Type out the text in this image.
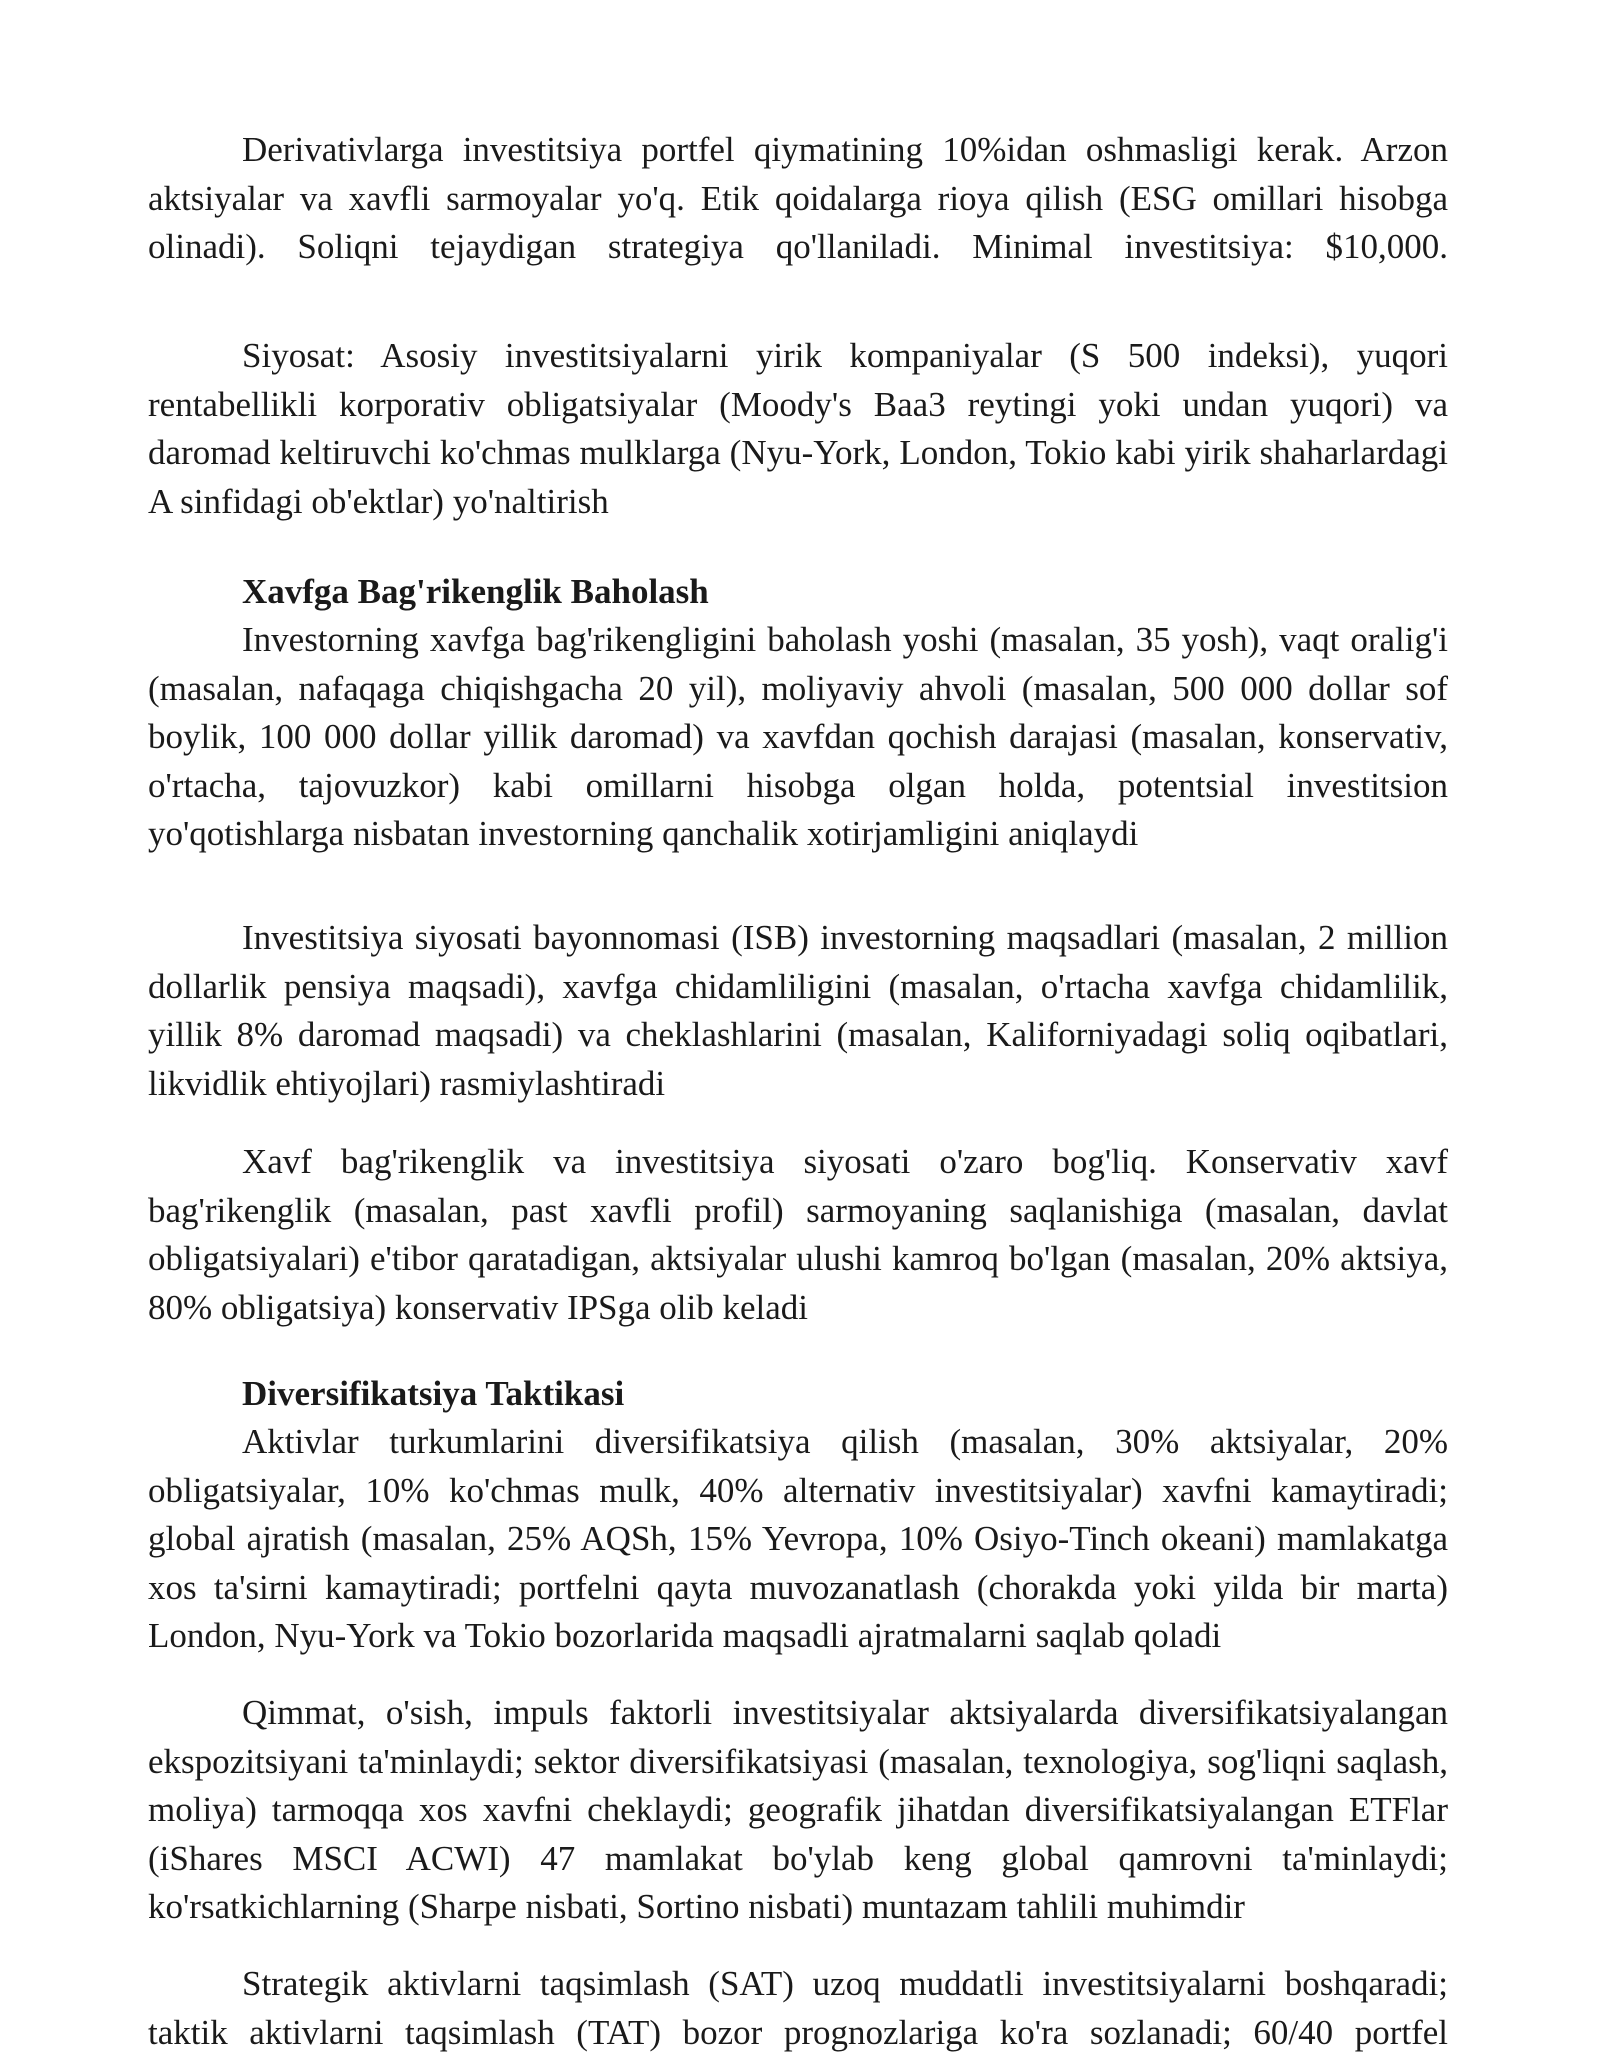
Derivativlarga investitsiya portfel qiymatining 10%idan oshmasligi kerak. Arzon aktsiyalar va xavfli sarmoyalar yo'q. Etik qoidalarga rioya qilish (ESG omillari hisobga olinadi). Soliqni tejaydigan strategiya qo'llaniladi. Minimal investitsiya: $10,000.

Siyosat: Asosiy investitsiyalarni yirik kompaniyalar (S 500 indeksi), yuqori rentabellikli korporativ obligatsiyalar (Moody's Baa3 reytingi yoki undan yuqori) va daromad keltiruvchi ko'chmas mulklarga (Nyu-York, London, Tokio kabi yirik shaharlardagi A sinfidagi ob'ektlar) yo'naltirish

Xavfga Bag'rikenglik Baholash

Investorning xavfga bag'rikengligini baholash yoshi (masalan, 35 yosh), vaqt oralig'i (masalan, nafaqaga chiqishgacha 20 yil), moliyaviy ahvoli (masalan, 500 000 dollar sof boylik, 100 000 dollar yillik daromad) va xavfdan qochish darajasi (masalan, konservativ, o'rtacha, tajovuzkor) kabi omillarni hisobga olgan holda, potentsial investitsion yo'qotishlarga nisbatan investorning qanchalik xotirjamligini aniqlaydi

Investitsiya siyosati bayonnomasi (ISB) investorning maqsadlari (masalan, 2 million dollarlik pensiya maqsadi), xavfga chidamliligini (masalan, o'rtacha xavfga chidamlilik, yillik 8% daromad maqsadi) va cheklashlarini (masalan, Kaliforniyadagi soliq oqibatlari, likvidlik ehtiyojlari) rasmiylashtiradi

Xavf bag'rikenglik va investitsiya siyosati o'zaro bog'liq. Konservativ xavf bag'rikenglik (masalan, past xavfli profil) sarmoyaning saqlanishiga (masalan, davlat obligatsiyalari) e'tibor qaratadigan, aktsiyalar ulushi kamroq bo'lgan (masalan, 20% aktsiya, 80% obligatsiya) konservativ IPSga olib keladi

Diversifikatsiya Taktikasi

Aktivlar turkumlarini diversifikatsiya qilish (masalan, 30% aktsiyalar, 20% obligatsiyalar, 10% ko'chmas mulk, 40% alternativ investitsiyalar) xavfni kamaytiradi; global ajratish (masalan, 25% AQSh, 15% Yevropa, 10% Osiyo-Tinch okeani) mamlakatga xos ta'sirni kamaytiradi; portfelni qayta muvozanatlash (chorakda yoki yilda bir marta) London, Nyu-York va Tokio bozorlarida maqsadli ajratmalarni saqlab qoladi

Qimmat, o'sish, impuls faktorli investitsiyalar aktsiyalarda diversifikatsiyalangan ekspozitsiyani ta'minlaydi; sektor diversifikatsiyasi (masalan, texnologiya, sog'liqni saqlash, moliya) tarmoqqa xos xavfni cheklaydi; geografik jihatdan diversifikatsiyalangan ETFlar (iShares MSCI ACWI) 47 mamlakat bo'ylab keng global qamrovni ta'minlaydi; ko'rsatkichlarning (Sharpe nisbati, Sortino nisbati) muntazam tahlili muhimdir

Strategik aktivlarni taqsimlash (SAT) uzoq muddatli investitsiyalarni boshqaradi; taktik aktivlarni taqsimlash (TAT) bozor prognozlariga ko'ra sozlanadi; 60/40 portfel
